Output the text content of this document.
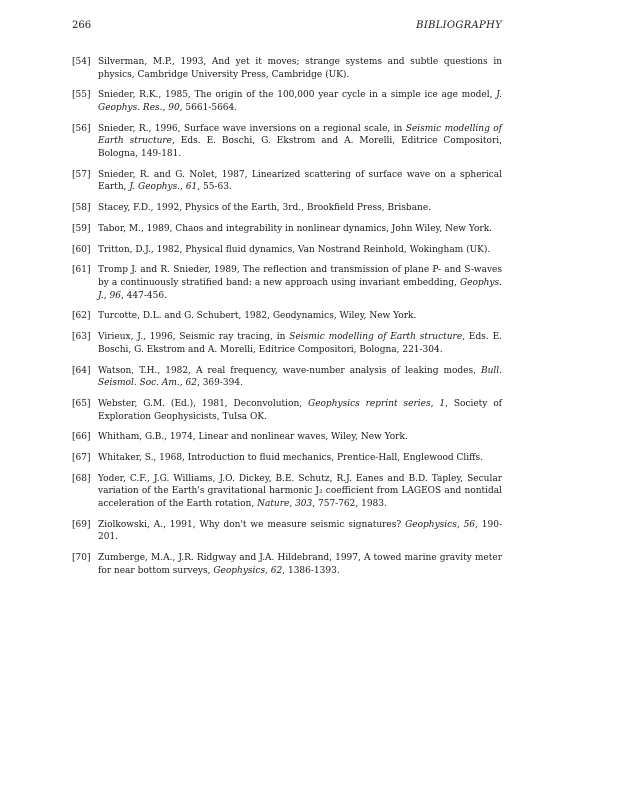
266	BIBLIOGRAPHY
[54] Silverman, M.P., 1993, And yet it moves; strange systems and subtle questions in physics, Cambridge University Press, Cambridge (UK).
[55] Snieder, R.K., 1985, The origin of the 100,000 year cycle in a simple ice age model, J. Geophys. Res., 90, 5661-5664.
[56] Snieder, R., 1996, Surface wave inversions on a regional scale, in Seismic modelling of Earth structure, Eds. E. Boschi, G. Ekstrom and A. Morelli, Editrice Compositori, Bologna, 149-181.
[57] Snieder, R. and G. Nolet, 1987, Linearized scattering of surface wave on a spherical Earth, J. Geophys., 61, 55-63.
[58] Stacey, F.D., 1992, Physics of the Earth, 3rd., Brookfield Press, Brisbane.
[59] Tabor, M., 1989, Chaos and integrability in nonlinear dynamics, John Wiley, New York.
[60] Tritton, D.J., 1982, Physical fluid dynamics, Van Nostrand Reinhold, Wokingham (UK).
[61] Tromp J. and R. Snieder, 1989, The reflection and transmission of plane P- and S-waves by a continuously stratified band: a new approach using invariant embedding, Geophys. J., 96, 447-456.
[62] Turcotte, D.L. and G. Schubert, 1982, Geodynamics, Wiley, New York.
[63] Virieux, J., 1996, Seismic ray tracing, in Seismic modelling of Earth structure, Eds. E. Boschi, G. Ekstrom and A. Morelli, Editrice Compositori, Bologna, 221-304.
[64] Watson, T.H., 1982, A real frequency, wave-number analysis of leaking modes, Bull. Seismol. Soc. Am., 62, 369-394.
[65] Webster, G.M. (Ed.), 1981, Deconvolution, Geophysics reprint series, 1, Society of Exploration Geophysicists, Tulsa OK.
[66] Whitham, G.B., 1974, Linear and nonlinear waves, Wiley, New York.
[67] Whitaker, S., 1968, Introduction to fluid mechanics, Prentice-Hall, Englewood Cliffs.
[68] Yoder, C.F., J.G. Williams, J.O. Dickey, B.E. Schutz, R.J. Eanes and B.D. Tapley, Secular variation of the Earth's gravitational harmonic J₂ coefficient from LAGEOS and nontidal acceleration of the Earth rotation, Nature, 303, 757-762, 1983.
[69] Ziolkowski, A., 1991, Why don't we measure seismic signatures? Geophysics, 56, 190-201.
[70] Zumberge, M.A., J.R. Ridgway and J.A. Hildebrand, 1997, A towed marine gravity meter for near bottom surveys, Geophysics, 62, 1386-1393.
